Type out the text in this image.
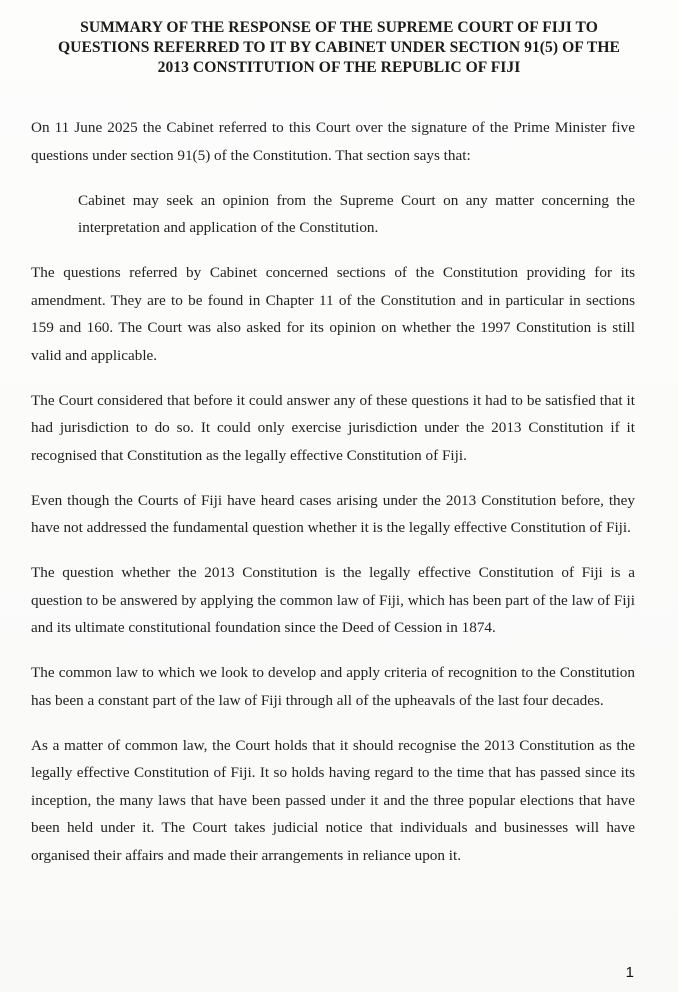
SUMMARY OF THE RESPONSE OF THE SUPREME COURT OF FIJI TO
QUESTIONS REFERRED TO IT BY CABINET UNDER SECTION 91(5) OF THE
2013 CONSTITUTION OF THE REPUBLIC OF FIJI

On 11 June 2025 the Cabinet referred to this Court over the signature of the Prime Minister five questions under section 91(5) of the Constitution. That section says that:

Cabinet may seek an opinion from the Supreme Court on any matter concerning the interpretation and application of the Constitution.

The questions referred by Cabinet concerned sections of the Constitution providing for its amendment. They are to be found in Chapter 11 of the Constitution and in particular in sections 159 and 160. The Court was also asked for its opinion on whether the 1997 Constitution is still valid and applicable.

The Court considered that before it could answer any of these questions it had to be satisfied that it had jurisdiction to do so. It could only exercise jurisdiction under the 2013 Constitution if it recognised that Constitution as the legally effective Constitution of Fiji.

Even though the Courts of Fiji have heard cases arising under the 2013 Constitution before, they have not addressed the fundamental question whether it is the legally effective Constitution of Fiji.

The question whether the 2013 Constitution is the legally effective Constitution of Fiji is a question to be answered by applying the common law of Fiji, which has been part of the law of Fiji and its ultimate constitutional foundation since the Deed of Cession in 1874.

The common law to which we look to develop and apply criteria of recognition to the Constitution has been a constant part of the law of Fiji through all of the upheavals of the last four decades.

As a matter of common law, the Court holds that it should recognise the 2013 Constitution as the legally effective Constitution of Fiji. It so holds having regard to the time that has passed since its inception, the many laws that have been passed under it and the three popular elections that have been held under it. The Court takes judicial notice that individuals and businesses will have organised their affairs and made their arrangements in reliance upon it.

1
